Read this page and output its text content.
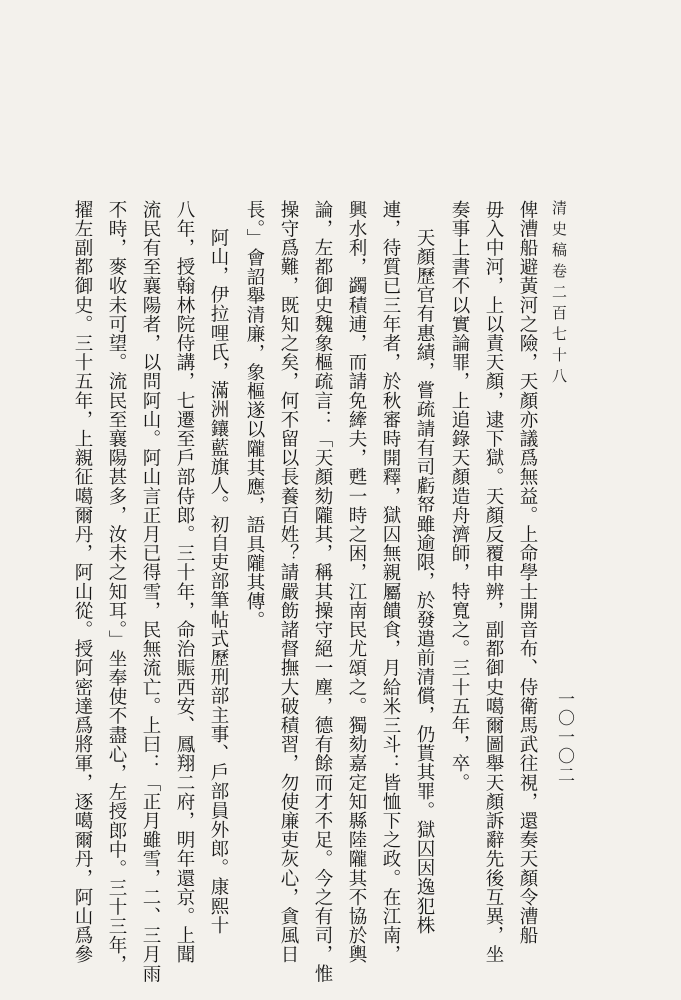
清史稿卷二百七十八
一〇一〇二
俾漕船避黃河之險，天顏亦議爲無益。上命學士開音布、侍衛馬武往視，還奏天顏令漕船
毋入中河，上以責天顏，逮下獄。天顏反覆申辨，副都御史噶爾圖舉天顏訴辭先後互異，坐
奏事上書不以實論罪，上追錄天顏造舟濟師，特寬之。三十五年，卒。
天顏歷官有惠績，嘗疏請有司虧帑雖逾限，於發遣前清償，仍貰其罪。獄囚因逸犯株
連，待質已三年者，於秋審時開釋，獄囚無親屬饋食，月給米三斗：皆恤下之政。在江南，
興水利，蠲積逋，而請免縴夫，甦一時之困，江南民尤頌之。獨劾嘉定知縣陸隴其不協於輿
論，左都御史魏象樞疏言：「天顏劾隴其，稱其操守絕一塵，德有餘而才不足。今之有司，惟
操守爲難，既知之矣，何不留以長養百姓？請嚴飭諸督撫大破積習，勿使廉吏灰心，貪風日
長。」會詔舉清廉，象樞遂以隴其應，語具隴其傳。
阿山，伊拉哩氏，滿洲鑲藍旗人。初自吏部筆帖式歷刑部主事、戶部員外郎。康熙十
八年，授翰林院侍講，七遷至戶部侍郎。三十年，命治賑西安、鳳翔二府，明年還京。上聞
流民有至襄陽者，以問阿山。阿山言正月已得雪，民無流亡。上曰：「正月雖雪，二、三月雨
不時，麥收未可望。流民至襄陽甚多，汝未之知耳。」坐奉使不盡心，左授郎中。三十三年，
擢左副都御史。三十五年，上親征噶爾丹，阿山從。授阿密達爲將軍，逐噶爾丹，阿山爲參
